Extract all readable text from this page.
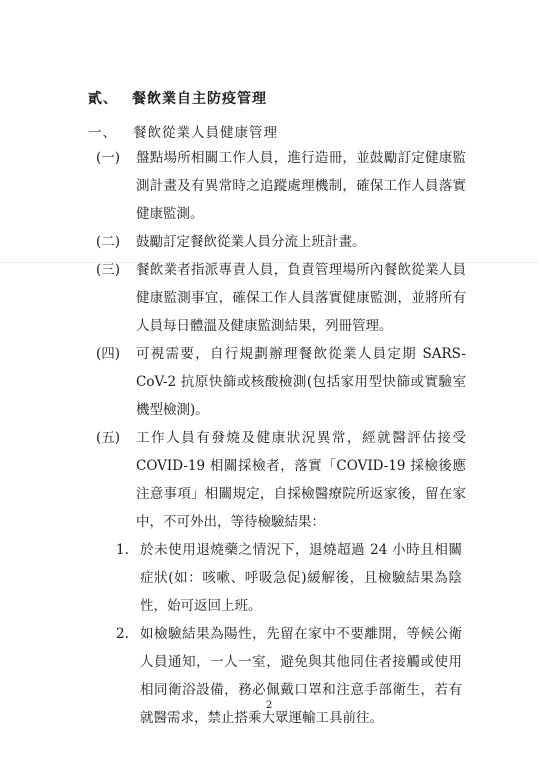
貳、 餐飲業自主防疫管理
一、 餐飲從業人員健康管理
(一)	盤點場所相關工作人員，進行造冊，並鼓勵訂定健康監測計畫及有異常時之追蹤處理機制，確保工作人員落實健康監測。
(二)	鼓勵訂定餐飲從業人員分流上班計畫。
(三)	餐飲業者指派專責人員，負責管理場所內餐飲從業人員健康監測事宜，確保工作人員落實健康監測，並將所有人員每日體溫及健康監測結果，列冊管理。
(四)	可視需要，自行規劃辦理餐飲從業人員定期 SARS-CoV-2 抗原快篩或核酸檢測(包括家用型快篩或實驗室機型檢測)。
(五)	工作人員有發燒及健康狀況異常，經就醫評估接受COVID-19 相關採檢者，落實「COVID-19 採檢後應注意事項」相關規定，自採檢醫療院所返家後，留在家中，不可外出，等待檢驗結果：
1. 於未使用退燒藥之情況下，退燒超過 24 小時且相關症狀(如：咳嗽、呼吸急促)緩解後，且檢驗結果為陰性，始可返回上班。
2. 如檢驗結果為陽性，先留在家中不要離開，等候公衛人員通知，一人一室，避免與其他同住者接觸或使用相同衛浴設備，務必佩戴口罩和注意手部衛生，若有就醫需求，禁止搭乘大眾運輸工具前往。
2
